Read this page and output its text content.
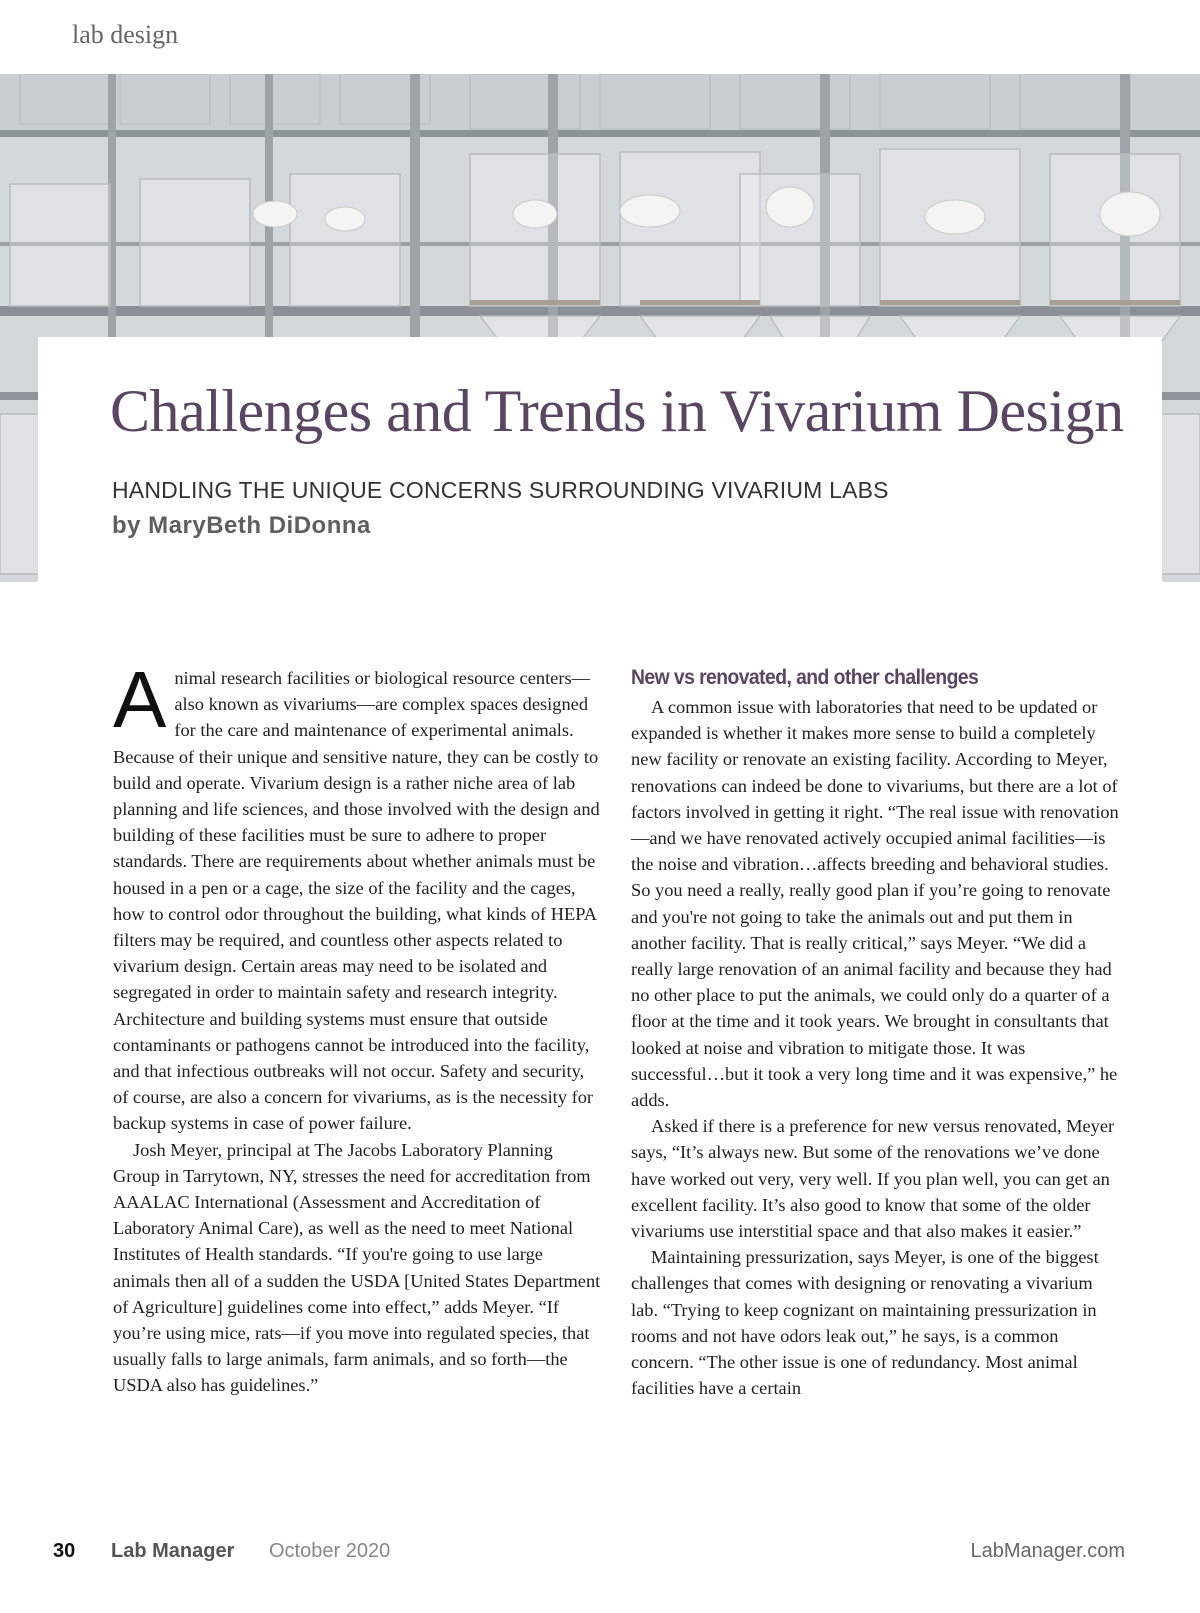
lab design
Challenges and Trends in Vivarium Design
HANDLING THE UNIQUE CONCERNS SURROUNDING VIVARIUM LABS
by MaryBeth DiDonna

Animal research facilities or biological resource centers—also known as vivariums—are complex spaces designed for the care and maintenance of experimental animals. Because of their unique and sensitive nature, they can be costly to build and operate. Vivarium design is a rather niche area of lab planning and life sciences, and those involved with the design and building of these facilities must be sure to adhere to proper standards. There are requirements about whether animals must be housed in a pen or a cage, the size of the facility and the cages, how to control odor throughout the building, what kinds of HEPA filters may be required, and countless other aspects related to vivarium design. Certain areas may need to be isolated and segregated in order to maintain safety and research integrity. Architecture and building systems must ensure that outside contaminants or pathogens cannot be introduced into the facility, and that infectious outbreaks will not occur. Safety and security, of course, are also a concern for vivariums, as is the necessity for backup systems in case of power failure.

Josh Meyer, principal at The Jacobs Laboratory Planning Group in Tarrytown, NY, stresses the need for accreditation from AAALAC International (Assessment and Accreditation of Laboratory Animal Care), as well as the need to meet National Institutes of Health standards. “If you're going to use large animals then all of a sudden the USDA [United States Department of Agriculture] guidelines come into effect,” adds Meyer. “If you’re using mice, rats—if you move into regulated species, that usually falls to large animals, farm animals, and so forth—the USDA also has guidelines.”

New vs renovated, and other challenges

A common issue with laboratories that need to be updated or expanded is whether it makes more sense to build a completely new facility or renovate an existing facility. According to Meyer, renovations can indeed be done to vivariums, but there are a lot of factors involved in getting it right. “The real issue with renovation—and we have renovated actively occupied animal facilities—is the noise and vibration…affects breeding and behavioral studies. So you need a really, really good plan if you’re going to renovate and you're not going to take the animals out and put them in another facility. That is really critical,” says Meyer. “We did a really large renovation of an animal facility and because they had no other place to put the animals, we could only do a quarter of a floor at the time and it took years. We brought in consultants that looked at noise and vibration to mitigate those. It was successful…but it took a very long time and it was expensive,” he adds.

Asked if there is a preference for new versus renovated, Meyer says, “It’s always new. But some of the renovations we’ve done have worked out very, very well. If you plan well, you can get an excellent facility. It’s also good to know that some of the older vivariums use interstitial space and that also makes it easier.”

Maintaining pressurization, says Meyer, is one of the biggest challenges that comes with designing or renovating a vivarium lab. “Trying to keep cognizant on maintaining pressurization in rooms and not have odors leak out,” he says, is a common concern. “The other issue is one of redundancy. Most animal facilities have a certain

30 Lab Manager October 2020	LabManager.com
